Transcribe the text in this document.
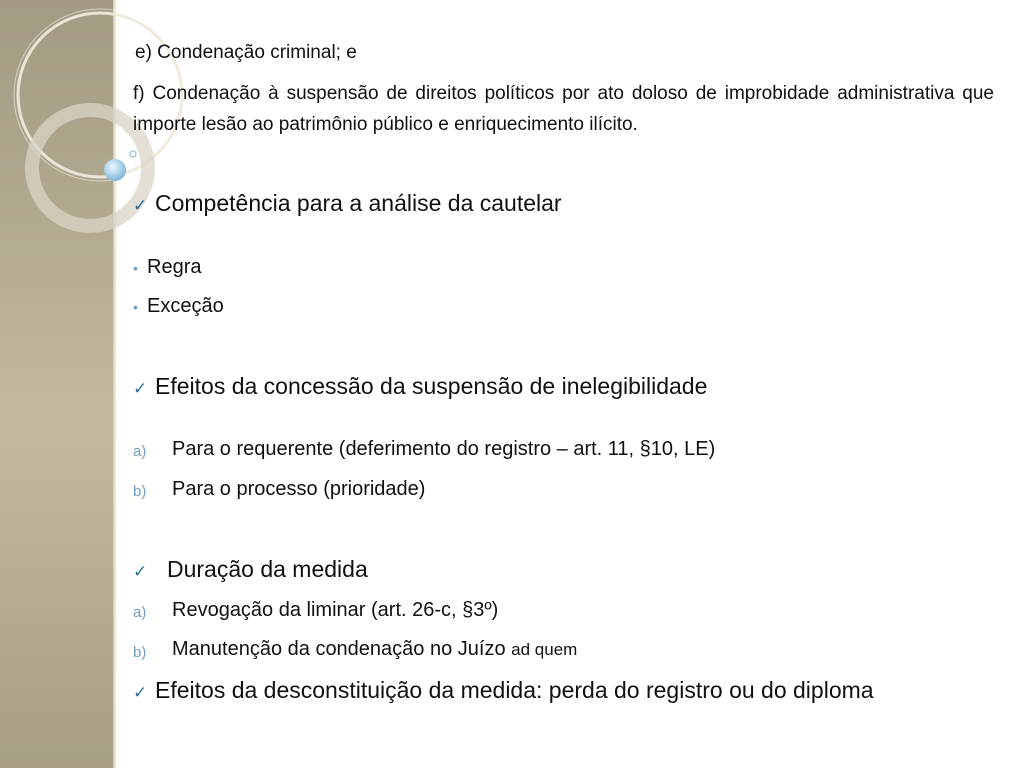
e) Condenação criminal; e
f) Condenação à suspensão de direitos políticos por ato doloso de improbidade administrativa que importe lesão ao patrimônio público e enriquecimento ilícito.
✓ Competência para a análise da cautelar
• Regra
• Exceção
✓ Efeitos da concessão da suspensão de inelegibilidade
a) Para o requerente (deferimento do registro – art. 11, §10, LE)
b) Para o processo (prioridade)
✓ Duração da medida
a) Revogação da liminar (art. 26-c, §3º)
b) Manutenção da condenação no Juízo ad quem
✓ Efeitos da desconstituição da medida: perda do registro ou do diploma
